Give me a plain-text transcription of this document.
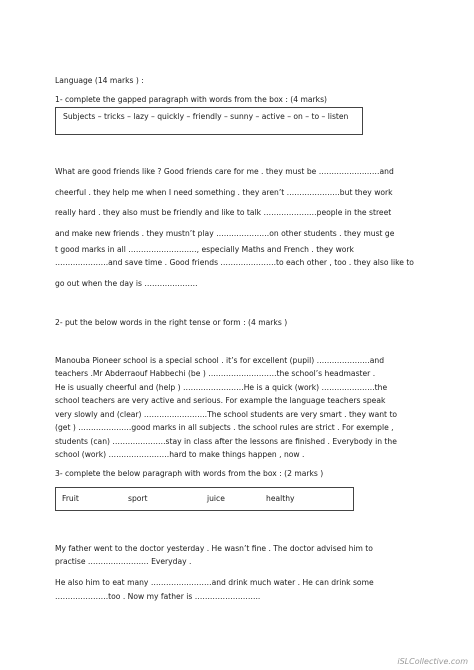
Language (14 marks ) :
1- complete the gapped paragraph with words from the box : (4 marks)
Subjects – tricks – lazy – quickly – friendly – sunny – active – on – to – listen
What are good friends like ? Good friends care for me . they must be ……………………and
cheerful . they help me when I need something . they aren’t …………………but they work
really hard . they also must be friendly and like to talk …………………people in the street
and make new friends . they mustn’t play …………………on other students . they must ge
t good marks in all ………………………, especially Maths and French . they work
…………………and save time . Good friends ………………….to each other , too . they also like to
go out when the day is …………………
2- put the below words in the right tense or form : (4 marks )
Manouba Pioneer school is a special school . it’s for excellent (pupil) …………………and
teachers .Mr Abderraouf Habbechi (be ) ………………………the school’s headmaster .
He is usually cheerful and (help ) ……………………He is a quick (work) …………………the
school teachers are very active and serious. For example the language teachers speak
very slowly and (clear) …………………….The school students are very smart . they want to
(get ) …………………good marks in all subjects . the school rules are strict . For exemple ,
students (can) …………………stay in class after the lessons are finished . Everybody in the
school (work) ……………………hard to make things happen , now .
3- complete the below paragraph with words from the box : (2 marks )
Fruit	sport	juice	healthy
My father went to the doctor yesterday . He wasn’t fine . The doctor advised him to
practise …………………… Everyday .
He also him to eat many ……………………and drink much water . He can drink some
…………………too . Now my father is ……………………..
iSLCollective.com
